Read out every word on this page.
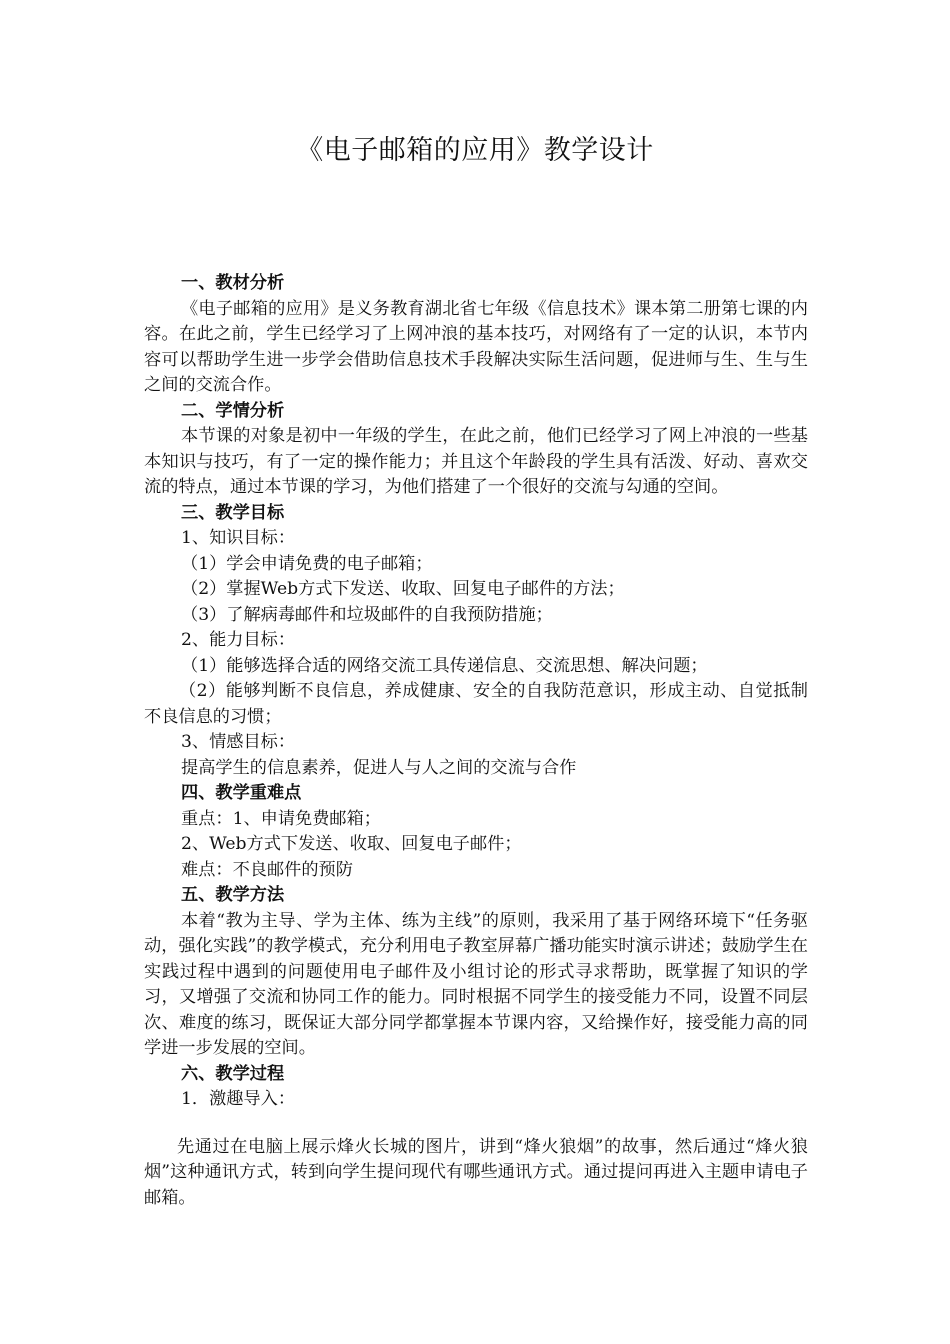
《电子邮箱的应用》教学设计

一、教材分析

《电子邮箱的应用》是义务教育湖北省七年级《信息技术》课本第二册第七课的内容。在此之前，学生已经学习了上网冲浪的基本技巧，对网络有了一定的认识，本节内容可以帮助学生进一步学会借助信息技术手段解决实际生活问题，促进师与生、生与生之间的交流合作。

二、学情分析

本节课的对象是初中一年级的学生，在此之前，他们已经学习了网上冲浪的一些基本知识与技巧，有了一定的操作能力；并且这个年龄段的学生具有活泼、好动、喜欢交流的特点，通过本节课的学习，为他们搭建了一个很好的交流与勾通的空间。

三、教学目标

1、知识目标：

（1）学会申请免费的电子邮箱；

（2）掌握Web方式下发送、收取、回复电子邮件的方法；

（3）了解病毒邮件和垃圾邮件的自我预防措施；

2、能力目标：

（1）能够选择合适的网络交流工具传递信息、交流思想、解决问题；

（2）能够判断不良信息，养成健康、安全的自我防范意识，形成主动、自觉抵制不良信息的习惯；

3、情感目标：

提高学生的信息素养，促进人与人之间的交流与合作

四、教学重难点

重点：1、申请免费邮箱；

2、Web方式下发送、收取、回复电子邮件；

难点：不良邮件的预防

五、教学方法

本着“教为主导、学为主体、练为主线”的原则，我采用了基于网络环境下“任务驱动，强化实践”的教学模式，充分利用电子教室屏幕广播功能实时演示讲述；鼓励学生在实践过程中遇到的问题使用电子邮件及小组讨论的形式寻求帮助，既掌握了知识的学习，又增强了交流和协同工作的能力。同时根据不同学生的接受能力不同，设置不同层次、难度的练习，既保证大部分同学都掌握本节课内容，又给操作好，接受能力高的同学进一步发展的空间。

六、教学过程

1．激趣导入：

先通过在电脑上展示烽火长城的图片，讲到“烽火狼烟”的故事，然后通过“烽火狼烟”这种通讯方式，转到向学生提问现代有哪些通讯方式。通过提问再进入主题申请电子邮箱。
